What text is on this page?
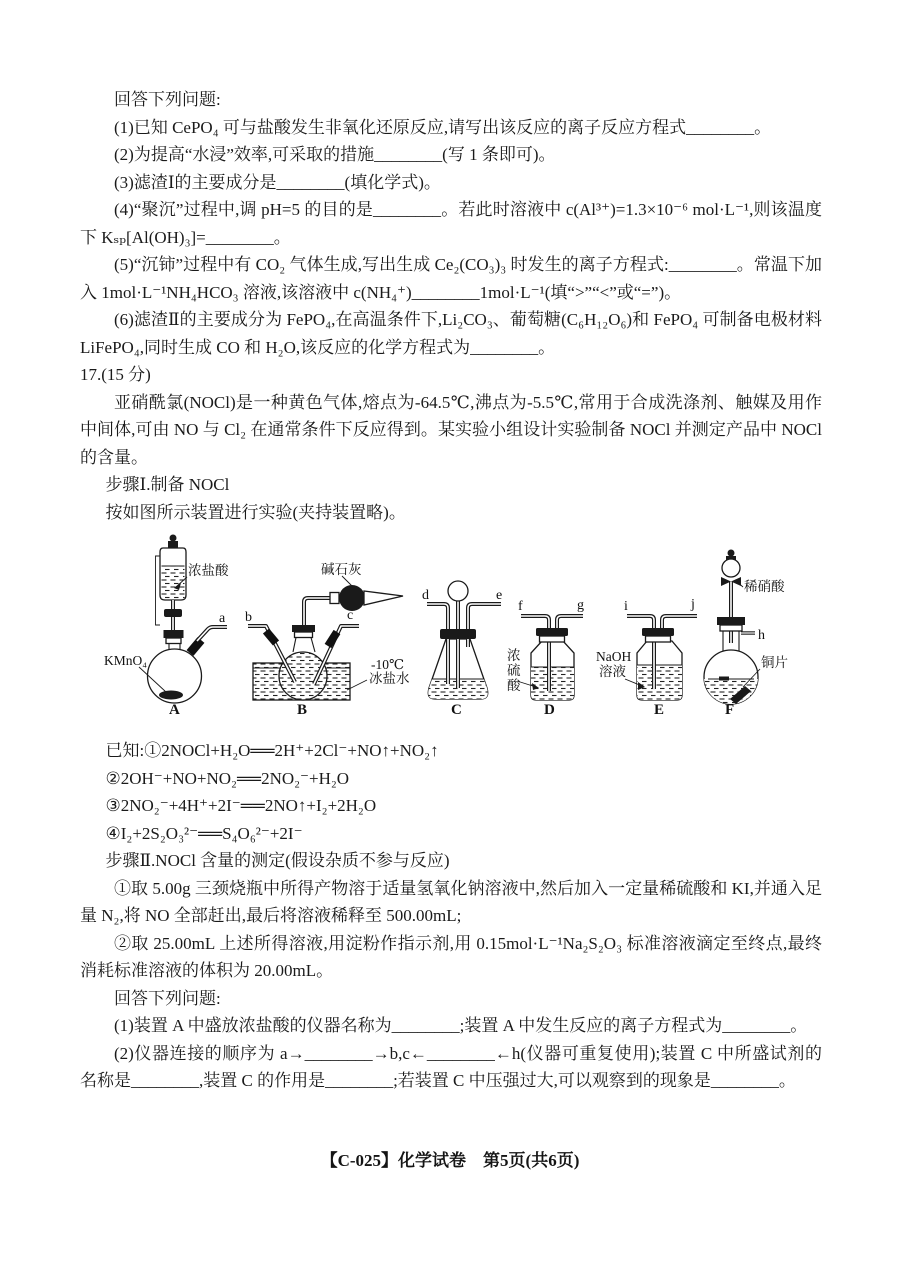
回答下列问题:

(1)已知 CePO₄ 可与盐酸发生非氧化还原反应,请写出该反应的离子反应方程式________。

(2)为提高“水浸”效率,可采取的措施________(写 1 条即可)。

(3)滤渣Ⅰ的主要成分是________(填化学式)。

(4)“聚沉”过程中,调 pH=5 的目的是________。若此时溶液中 c(Al³⁺)=1.3×10⁻⁶ mol·L⁻¹,则该温度下 Kₛₚ[Al(OH)₃]=________。

(5)“沉铈”过程中有 CO₂ 气体生成,写出生成 Ce₂(CO₃)₃ 时发生的离子方程式:________。常温下加入 1mol·L⁻¹NH₄HCO₃ 溶液,该溶液中 c(NH₄⁺)________1mol·L⁻¹(填“>”“<”或“=”)。

(6)滤渣Ⅱ的主要成分为 FePO₄,在高温条件下,Li₂CO₃、葡萄糖(C₆H₁₂O₆)和 FePO₄ 可制备电极材料 LiFePO₄,同时生成 CO 和 H₂O,该反应的化学方程式为________。

17.(15 分)

亚硝酰氯(NOCl)是一种黄色气体,熔点为-64.5℃,沸点为-5.5℃,常用于合成洗涤剂、触媒及用作中间体,可由 NO 与 Cl₂ 在通常条件下反应得到。某实验小组设计实验制备 NOCl 并测定产品中 NOCl 的含量。

步骤Ⅰ.制备 NOCl

按如图所示装置进行实验(夹持装置略)。

KMnO₄
浓盐酸
a
A
碱石灰
b	c
-10℃
冰盐水
B
d	e
C
f	g
浓
硫
酸
D
i	j
NaOH
溶液
E
稀硝酸
h
铜片
F

已知:①2NOCl+H₂O══2H⁺+2Cl⁻+NO↑+NO₂↑

②2OH⁻+NO+NO₂══2NO₂⁻+H₂O

③2NO₂⁻+4H⁺+2I⁻══2NO↑+I₂+2H₂O

④I₂+2S₂O₃²⁻══S₄O₆²⁻+2I⁻

步骤Ⅱ.NOCl 含量的测定(假设杂质不参与反应)

①取 5.00g 三颈烧瓶中所得产物溶于适量氢氧化钠溶液中,然后加入一定量稀硫酸和 KI,并通入足量 N₂,将 NO 全部赶出,最后将溶液稀释至 500.00mL;

②取 25.00mL 上述所得溶液,用淀粉作指示剂,用 0.15mol·L⁻¹Na₂S₂O₃ 标准溶液滴定至终点,最终消耗标准溶液的体积为 20.00mL。

回答下列问题:

(1)装置 A 中盛放浓盐酸的仪器名称为________;装置 A 中发生反应的离子方程式为________。

(2)仪器连接的顺序为 a→________→b,c←________←h(仪器可重复使用);装置 C 中所盛试剂的名称是________,装置 C 的作用是________;若装置 C 中压强过大,可以观察到的现象是________。

【C-025】化学试卷　第5页(共6页)
